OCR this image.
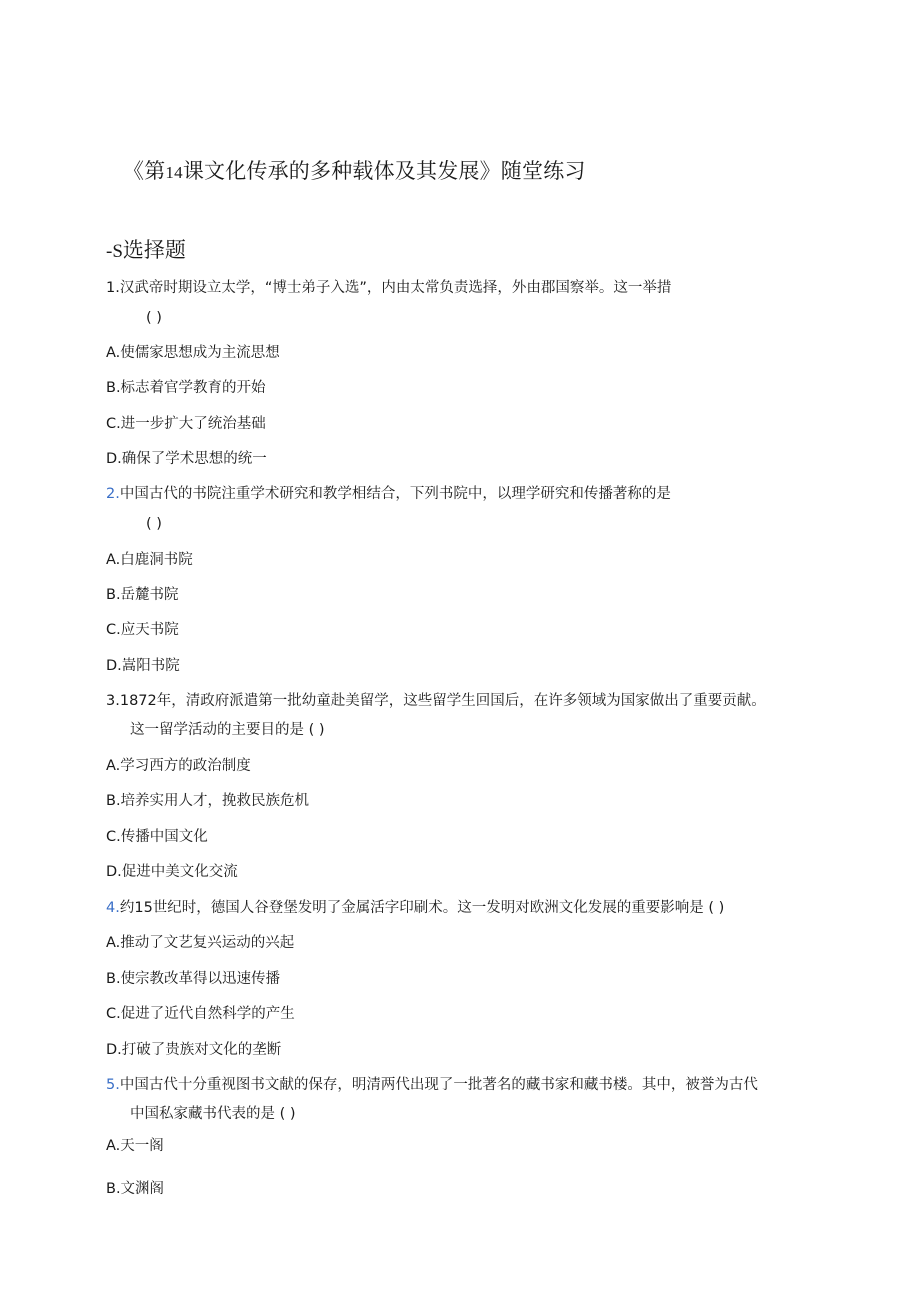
《第14课文化传承的多种载体及其发展》随堂练习
-S选择题
1.汉武帝时期设立太学，“博士弟子入选”，内由太常负责选择，外由郡国察举。这一举措
( )
A.使儒家思想成为主流思想
B.标志着官学教育的开始
C.进一步扩大了统治基础
D.确保了学术思想的统一
2.中国古代的书院注重学术研究和教学相结合，下列书院中，以理学研究和传播著称的是
( )
A.白鹿洞书院
B.岳麓书院
C.应天书院
D.嵩阳书院
3.1872年，清政府派遣第一批幼童赴美留学，这些留学生回国后，在许多领域为国家做出了重要贡献。
这一留学活动的主要目的是 ( )
A.学习西方的政治制度
B.培养实用人才，挽救民族危机
C.传播中国文化
D.促进中美文化交流
4.约15世纪时，德国人谷登堡发明了金属活字印刷术。这一发明对欧洲文化发展的重要影响是 ( )
A.推动了文艺复兴运动的兴起
B.使宗教改革得以迅速传播
C.促进了近代自然科学的产生
D.打破了贵族对文化的垄断
5.中国古代十分重视图书文献的保存，明清两代出现了一批著名的藏书家和藏书楼。其中，被誉为古代
中国私家藏书代表的是 ( )
A.天一阁
B.文渊阁
